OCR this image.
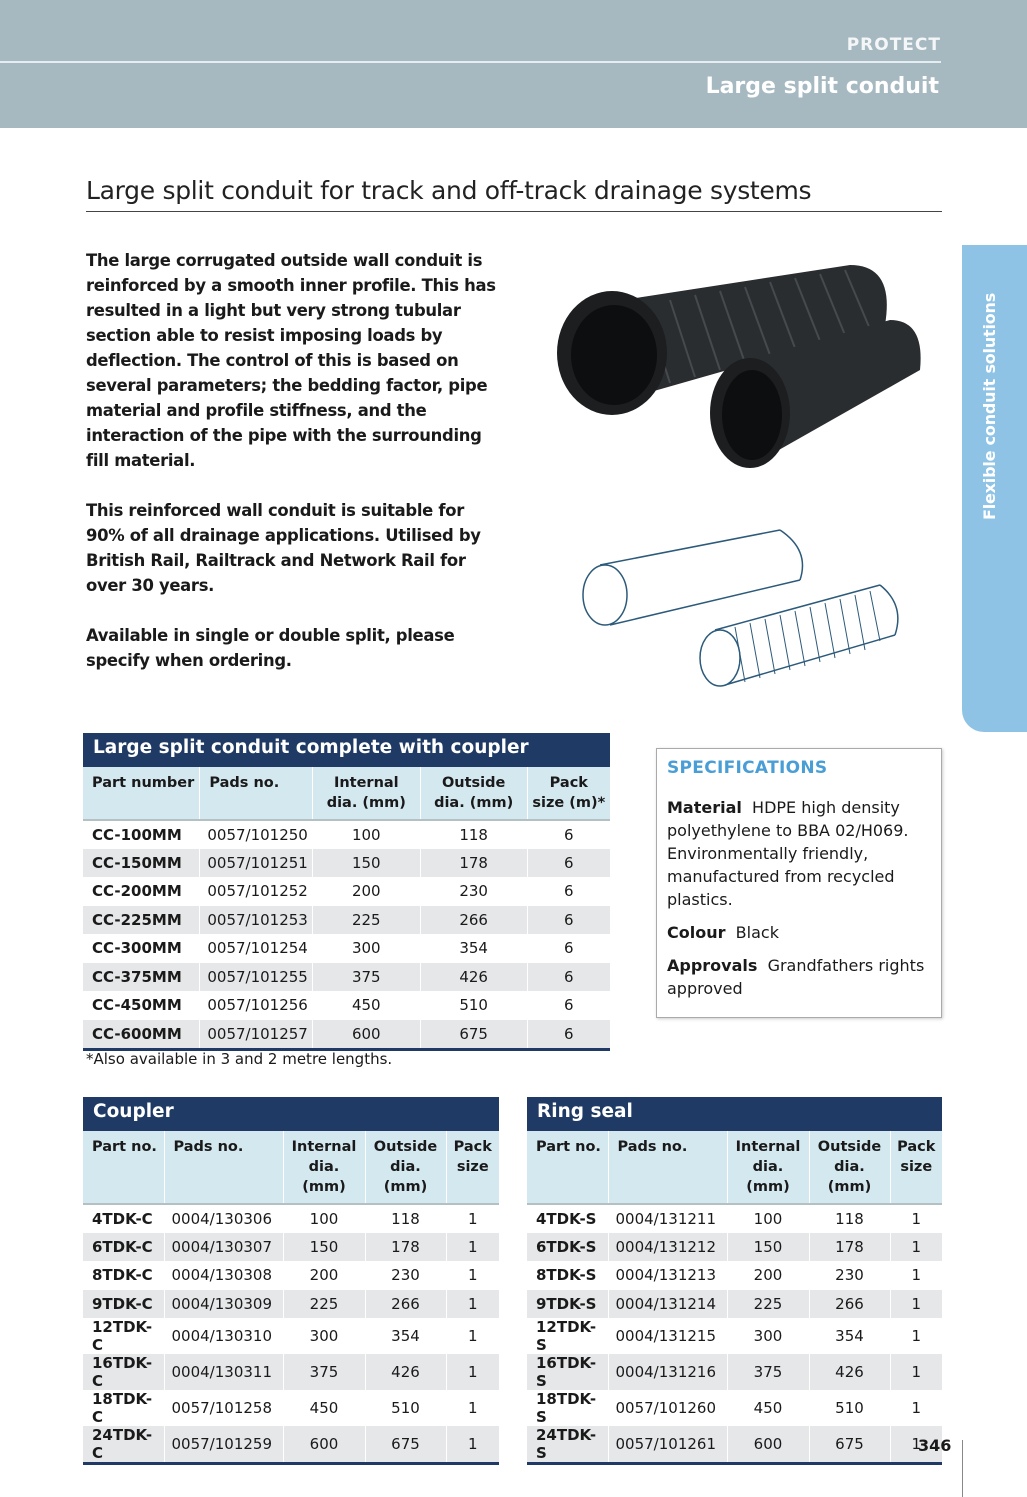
PROTECT
Large split conduit
Large split conduit for track and off-track drainage systems

The large corrugated outside wall conduit is reinforced by a smooth inner profile. This has resulted in a light but very strong tubular section able to resist imposing loads by deflection. The control of this is based on several parameters; the bedding factor, pipe material and profile stiffness, and the interaction of the pipe with the surrounding fill material.

This reinforced wall conduit is suitable for 90% of all drainage applications. Utilised by British Rail, Railtrack and Network Rail for over 30 years.

Available in single or double split, please specify when ordering.

Flexible conduit solutions
Large split conduit complete with coupler
Part number	Pads no.	Internal dia. (mm)	Outside dia. (mm)	Pack size (m)*
CC-100MM	0057/101250	100	118	6
CC-150MM	0057/101251	150	178	6
CC-200MM	0057/101252	200	230	6
CC-225MM	0057/101253	225	266	6
CC-300MM	0057/101254	300	354	6
CC-375MM	0057/101255	375	426	6
CC-450MM	0057/101256	450	510	6
CC-600MM	0057/101257	600	675	6
*Also available in 3 and 2 metre lengths.
SPECIFICATIONS

Material HDPE high density polyethylene to BBA 02/H069. Environmentally friendly, manufactured from recycled plastics.

Colour Black

Approvals Grandfathers rights approved

Coupler
Part no.	Pads no.	Internal dia. (mm)	Outside dia. (mm)	Pack size
4TDK-C	0004/130306	100	118	1
6TDK-C	0004/130307	150	178	1
8TDK-C	0004/130308	200	230	1
9TDK-C	0004/130309	225	266	1
12TDK-C	0004/130310	300	354	1
16TDK-C	0004/130311	375	426	1
18TDK-C	0057/101258	450	510	1
24TDK-C	0057/101259	600	675	1
Ring seal
Part no.	Pads no.	Internal dia. (mm)	Outside dia. (mm)	Pack size
4TDK-S	0004/131211	100	118	1
6TDK-S	0004/131212	150	178	1
8TDK-S	0004/131213	200	230	1
9TDK-S	0004/131214	225	266	1
12TDK-S	0004/131215	300	354	1
16TDK-S	0004/131216	375	426	1
18TDK-S	0057/101260	450	510	1
24TDK-S	0057/101261	600	675	1
346
